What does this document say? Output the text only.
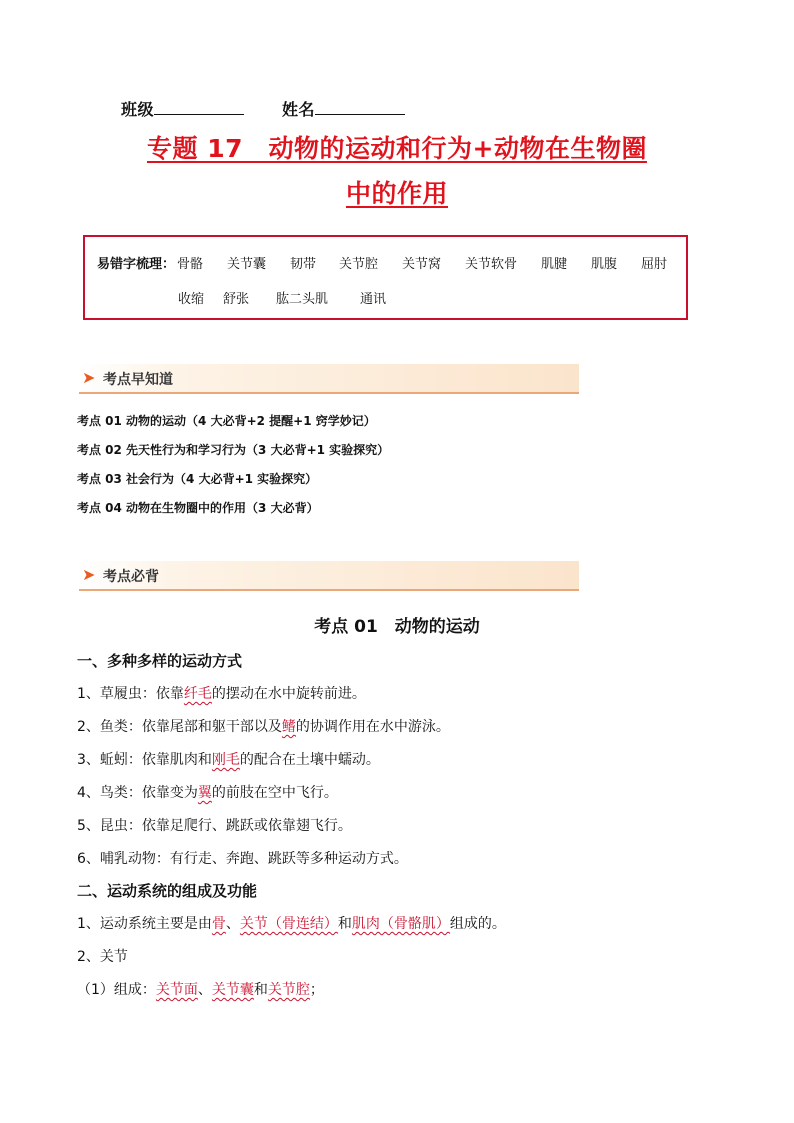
班级	姓名
专题 17　动物的运动和行为+动物在生物圈
中的作用
易错字梳理： 骨骼 关节囊 韧带 关节腔 关节窝 关节软骨 肌腱 肌腹 屈肘
收缩 舒张 肱二头肌 通讯
➤ 考点早知道
考点 01 动物的运动（4 大必背+2 提醒+1 窍学妙记）
考点 02 先天性行为和学习行为（3 大必背+1 实验探究）
考点 03 社会行为（4 大必背+1 实验探究）
考点 04 动物在生物圈中的作用（3 大必背）
➤ 考点必背
考点 01　动物的运动
一、多种多样的运动方式
1、草履虫：依靠纤毛的摆动在水中旋转前进。
2、鱼类：依靠尾部和躯干部以及鳍的协调作用在水中游泳。
3、蚯蚓：依靠肌肉和刚毛的配合在土壤中蠕动。
4、鸟类：依靠变为翼的前肢在空中飞行。
5、昆虫：依靠足爬行、跳跃或依靠翅飞行。
6、哺乳动物：有行走、奔跑、跳跃等多种运动方式。
二、运动系统的组成及功能
1、运动系统主要是由骨、关节（骨连结）和肌肉（骨骼肌）组成的。
2、关节
（1）组成：关节面、关节囊和关节腔；
